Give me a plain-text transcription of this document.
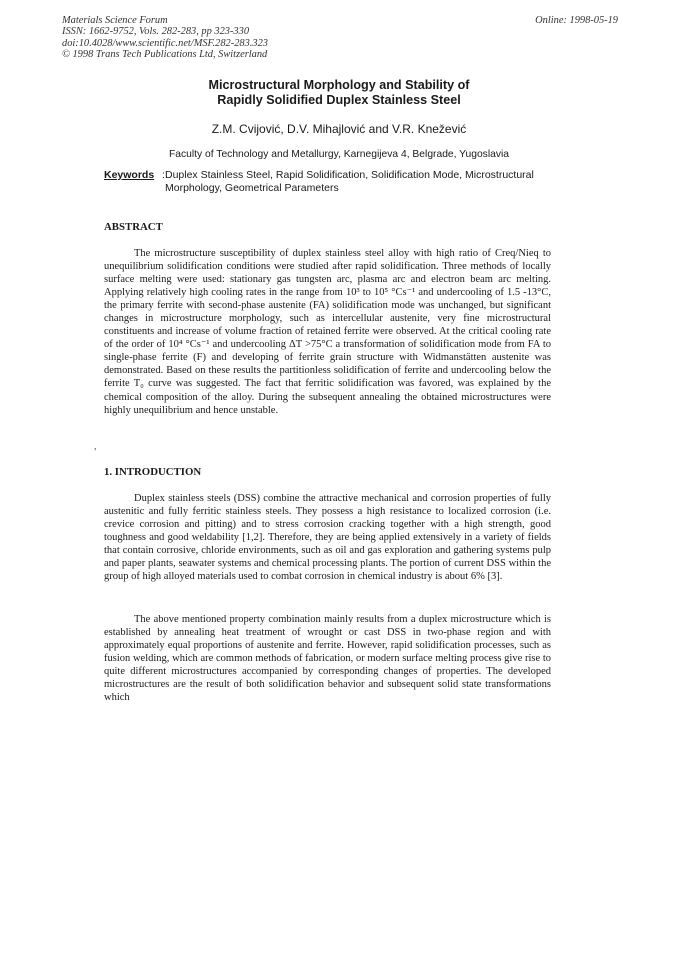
Materials Science Forum
ISSN: 1662-9752, Vols. 282-283, pp 323-330
doi:10.4028/www.scientific.net/MSF.282-283.323
© 1998 Trans Tech Publications Ltd, Switzerland
Online: 1998-05-19
Microstructural Morphology and Stability of
Rapidly Solidified Duplex Stainless Steel
Z.M. Cvijović, D.V. Mihajlović and V.R. Knežević
Faculty of Technology and Metallurgy, Karnegijeva 4, Belgrade, Yugoslavia
Keywords : Duplex Stainless Steel, Rapid Solidification, Solidification Mode, Microstructural Morphology, Geometrical Parameters
ABSTRACT

The microstructure susceptibility of duplex stainless steel alloy with high ratio of Creq/Nieq to unequilibrium solidification conditions were studied after rapid solidification. Three methods of locally surface melting were used: stationary gas tungsten arc, plasma arc and electron beam arc melting. Applying relatively high cooling rates in the range from 10³ to 10⁵ °Cs⁻¹ and undercooling of 1.5 -13°C, the primary ferrite with second-phase austenite (FA) solidification mode was unchanged, but significant changes in microstructure morphology, such as intercellular austenite, very fine microstructural constituents and increase of volume fraction of retained ferrite were observed. At the critical cooling rate of the order of 10⁴ °Cs⁻¹ and undercooling ΔT >75°C a transformation of solidification mode from FA to single-phase ferrite (F) and developing of ferrite grain structure with Widmanstätten austenite was demonstrated. Based on these results the partitionless solidification of ferrite and undercooling below the ferrite T₀ curve was suggested. The fact that ferritic solidification was favored, was explained by the chemical composition of the alloy. During the subsequent annealing the obtained microstructures were highly unequilibrium and hence unstable.

,
1. INTRODUCTION

Duplex stainless steels (DSS) combine the attractive mechanical and corrosion properties of fully austenitic and fully ferritic stainless steels. They possess a high resistance to localized corrosion (i.e. crevice corrosion and pitting) and to stress corrosion cracking together with a high strength, good toughness and good weldability [1,2]. Therefore, they are being applied extensively in a variety of fields that contain corrosive, chloride environments, such as oil and gas exploration and gathering systems pulp and paper plants, seawater systems and chemical processing plants. The portion of current DSS within the group of high alloyed materials used to combat corrosion in chemical industry is about 6% [3].

The above mentioned property combination mainly results from a duplex microstructure which is established by annealing heat treatment of wrought or cast DSS in two-phase region and with approximately equal proportions of austenite and ferrite. However, rapid solidification processes, such as fusion welding, which are common methods of fabrication, or modern surface melting process give rise to quite different microstructures accompanied by corresponding changes of properties. The developed microstructures are the result of both solidification behavior and subsequent solid state transformations which
